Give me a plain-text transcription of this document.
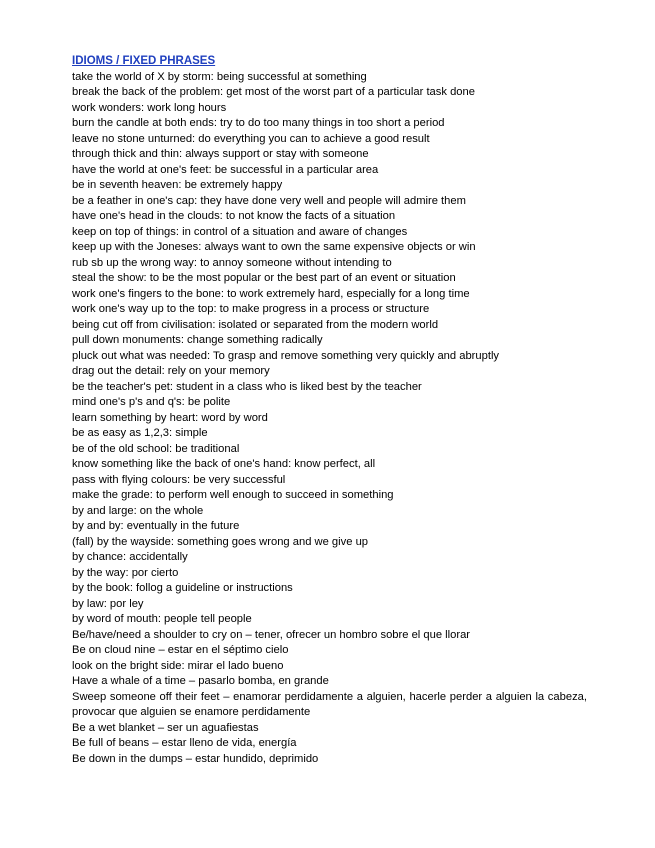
IDIOMS / FIXED PHRASES
take the world of X by storm: being successful at something
break the back of the problem: get most of the worst part of a particular task done
work wonders: work long hours
burn the candle at both ends: try to do too many things in too short a period
leave no stone unturned: do everything you can to achieve a good result
through thick and thin: always support or stay with someone
have the world at one's feet: be successful in a particular area
be in seventh heaven: be extremely happy
be a feather in one's cap: they have done very well and people will admire them
have one's head in the clouds: to not know the facts of a situation
keep on top of things: in control of a situation and aware of changes
keep up with the Joneses: always want to own the same expensive objects or win
rub sb up the wrong way: to annoy someone without intending to
steal the show: to be the most popular or the best part of an event or situation
work one's fingers to the bone: to work extremely hard, especially for a long time
work one's way up to the top: to make progress in a process or structure
being cut off from civilisation: isolated or separated from the modern world
pull down monuments: change something radically
pluck out what was needed: To grasp and remove something very quickly and abruptly
drag out the detail: rely on your memory
be the teacher's pet: student in a class who is liked best by the teacher
mind one's p's and q's: be polite
learn something by heart: word by word
be as easy as 1,2,3: simple
be of the old school: be traditional
know something like the back of one's hand: know perfect, all
pass with flying colours: be very successful
make the grade: to perform well enough to succeed in something
by and large: on the whole
by and by: eventually in the future
(fall) by the wayside: something goes wrong and we give up
by chance: accidentally
by the way: por cierto
by the book: follog a guideline or instructions
by law: por ley
by word of mouth: people tell people
Be/have/need a shoulder to cry on – tener, ofrecer un hombro sobre el que llorar
Be on cloud nine – estar en el séptimo cielo
look on the bright side: mirar el lado bueno
Have a whale of a time – pasarlo bomba, en grande
Sweep someone off their feet – enamorar perdidamente a alguien, hacerle perder a alguien la cabeza, provocar que alguien se enamore perdidamente
Be a wet blanket – ser un aguafiestas
Be full of beans – estar lleno de vida, energía
Be down in the dumps – estar hundido, deprimido
